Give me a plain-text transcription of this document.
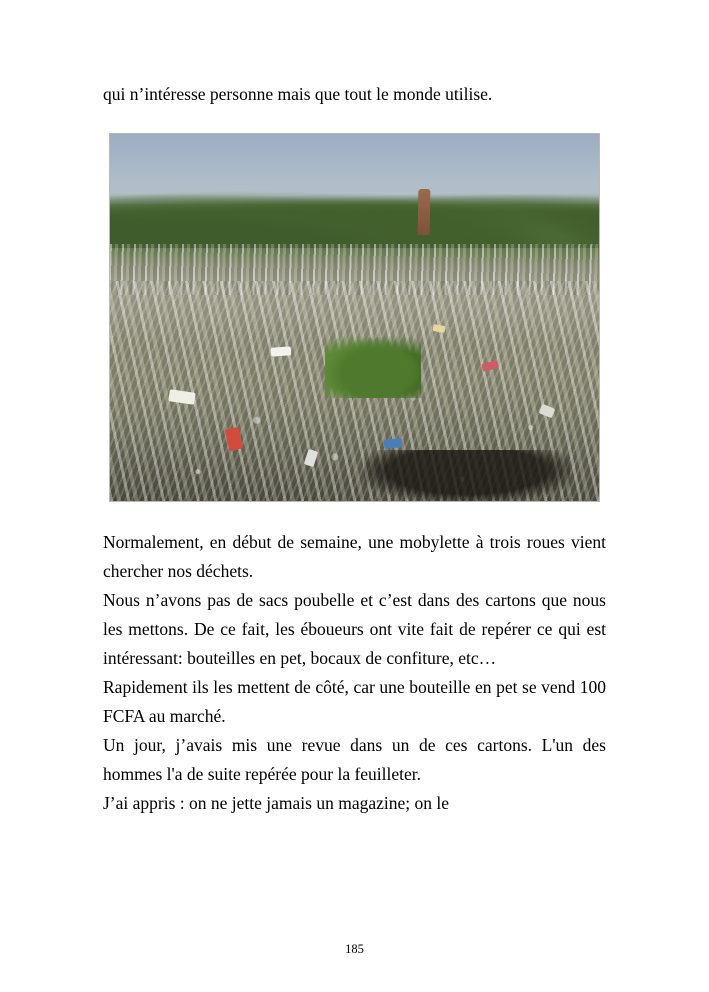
qui n’intéresse personne mais que tout le monde utilise.

Normalement, en début de semaine, une mobylette à trois roues vient chercher nos déchets.

Nous n’avons pas de sacs poubelle et c’est dans des cartons que nous les mettons. De ce fait, les éboueurs ont vite fait de repérer ce qui est intéressant: bouteilles en pet, bocaux de confiture, etc…

Rapidement ils les mettent de côté, car une bouteille en pet se vend 100 FCFA au marché.

Un jour, j’avais mis une revue dans un de ces cartons. L'un des hommes l'a de suite repérée pour la feuilleter.

J’ai appris : on ne jette jamais un magazine; on le

185
